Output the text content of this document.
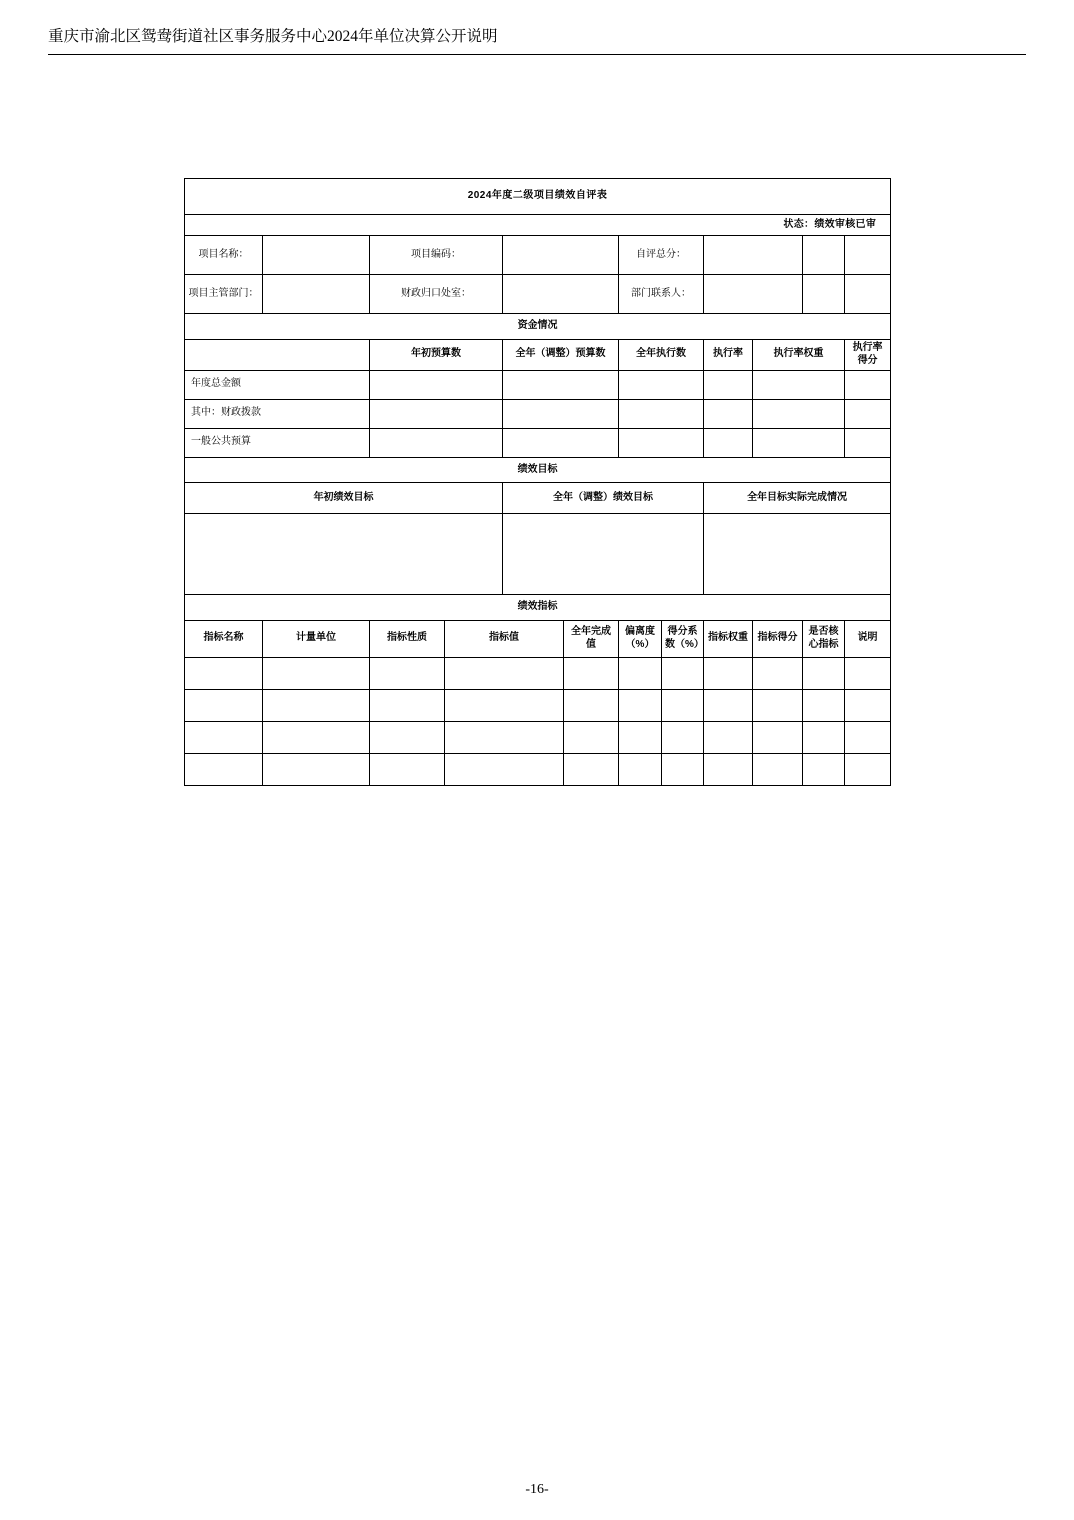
重庆市渝北区鸳鸯街道社区事务服务中心2024年单位决算公开说明
2024年度二级项目绩效自评表											
状态：绩效审核已审											
项目名称：		项目编码：				自评总分：					
项目主管部门：		财政归口处室：				部门联系人：					
资金情况											
		年初预算数		全年（调整）预算数		全年执行数		执行率	执行率权重		执行率得分
年度总金额											
其中：财政拨款											
一般公共预算											
绩效目标											
年初绩效目标				全年（调整）绩效目标				全年目标实际完成情况			

绩效指标											
指标名称	计量单位	指标性质	指标值		全年完成值	偏离度（%）	得分系数（%）	指标权重	指标得分	是否核心指标	说明

-16-
